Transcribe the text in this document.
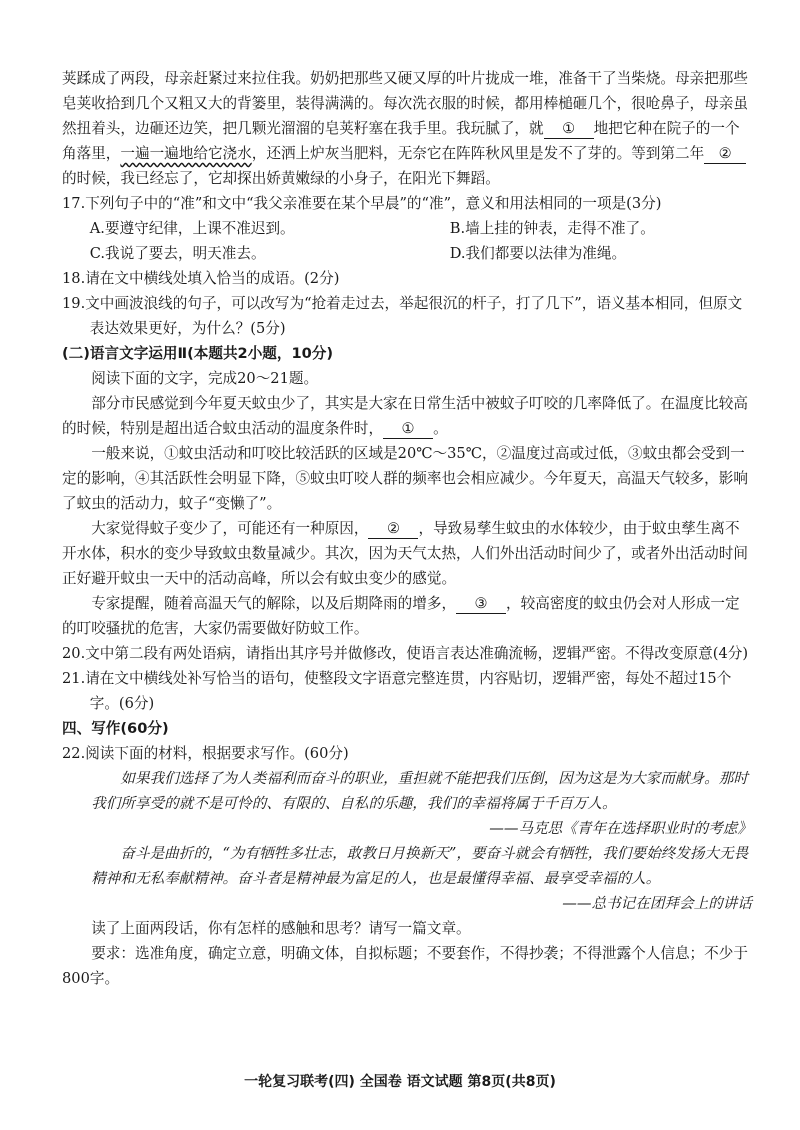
荚蹂成了两段，母亲赶紧过来拉住我。奶奶把那些又硬又厚的叶片拢成一堆，准备干了当柴烧。母亲把那些皂荚收拾到几个又粗又大的背篓里，装得满满的。每次洗衣服的时候，都用棒槌砸几个，很呛鼻子，母亲虽然扭着头，边砸还边笑，把几颗光溜溜的皂荚籽塞在我手里。我玩腻了，就 ① 地把它种在院子的一个角落里，一遍一遍地给它浇水，还洒上炉灰当肥料，无奈它在阵阵秋风里是发不了芽的。等到第二年 ②的时候，我已经忘了，它却探出娇黄嫩绿的小身子，在阳光下舞蹈。

17.下列句子中的“准”和文中“我父亲准要在某个早晨”的“准”，意义和用法相同的一项是(3分)

A.要遵守纪律，上课不准迟到。	B.墙上挂的钟表，走得不准了。
C.我说了要去，明天准去。	D.我们都要以法律为准绳。

18.请在文中横线处填入恰当的成语。(2分)

19.文中画波浪线的句子，可以改写为“抢着走过去，举起很沉的杆子，打了几下”，语义基本相同，但原文表达效果更好，为什么？(5分)

(二)语言文字运用Ⅱ(本题共2小题，10分)

阅读下面的文字，完成20～21题。

部分市民感觉到今年夏天蚊虫少了，其实是大家在日常生活中被蚊子叮咬的几率降低了。在温度比较高的时候，特别是超出适合蚊虫活动的温度条件时， ① 。

一般来说，①蚊虫活动和叮咬比较活跃的区域是20℃～35℃，②温度过高或过低，③蚊虫都会受到一定的影响，④其活跃性会明显下降，⑤蚊虫叮咬人群的频率也会相应减少。今年夏天，高温天气较多，影响了蚊虫的活动力，蚊子“变懒了”。

大家觉得蚊子变少了，可能还有一种原因， ② ，导致易孳生蚊虫的水体较少，由于蚊虫孳生离不开水体，积水的变少导致蚊虫数量减少。其次，因为天气太热，人们外出活动时间少了，或者外出活动时间正好避开蚊虫一天中的活动高峰，所以会有蚊虫变少的感觉。

专家提醒，随着高温天气的解除，以及后期降雨的增多， ③ ，较高密度的蚊虫仍会对人形成一定的叮咬骚扰的危害，大家仍需要做好防蚊工作。

20.文中第二段有两处语病，请指出其序号并做修改，使语言表达准确流畅，逻辑严密。不得改变原意(4分)

21.请在文中横线处补写恰当的语句，使整段文字语意完整连贯，内容贴切，逻辑严密，每处不超过15个字。(6分)

四、写作(60分)

22.阅读下面的材料，根据要求写作。(60分)

如果我们选择了为人类福利而奋斗的职业，重担就不能把我们压倒，因为这是为大家而献身。那时我们所享受的就不是可怜的、有限的、自私的乐趣，我们的幸福将属于千百万人。

——马克思《青年在选择职业时的考虑》

奋斗是曲折的，“为有牺牲多壮志，敢教日月换新天”，要奋斗就会有牺牲，我们要始终发扬大无畏精神和无私奉献精神。奋斗者是精神最为富足的人，也是最懂得幸福、最享受幸福的人。

——总书记在团拜会上的讲话

读了上面两段话，你有怎样的感触和思考？请写一篇文章。

要求：选准角度，确定立意，明确文体，自拟标题；不要套作，不得抄袭；不得泄露个人信息；不少于800字。

一轮复习联考(四) 全国卷 语文试题 第8页(共8页)
